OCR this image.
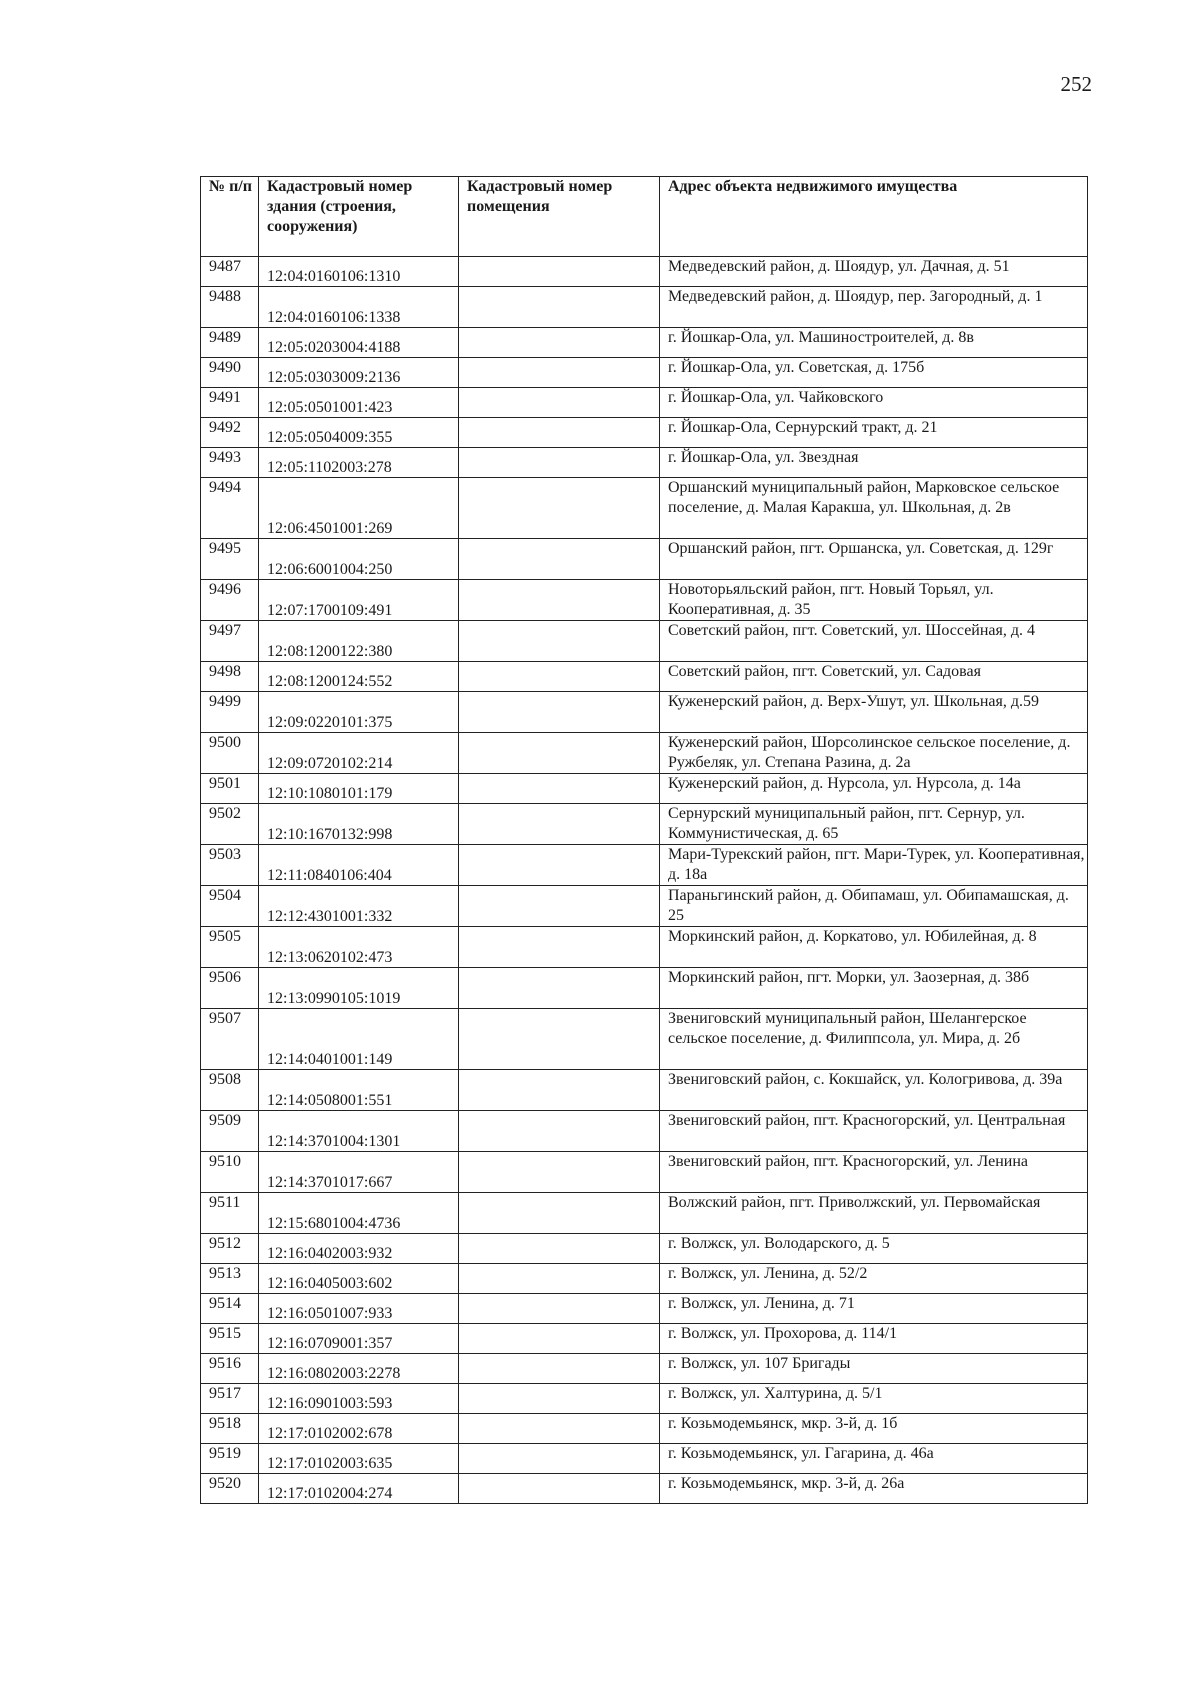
252
№ п/п	Кадастровый номер здания (строения, сооружения)	Кадастровый номер помещения	Адрес объекта недвижимого имущества
9487	12:04:0160106:1310		Медведевский район, д. Шоядур, ул. Дачная, д. 51
9488	12:04:0160106:1338		Медведевский район, д. Шоядур, пер. Загородный, д. 1
9489	12:05:0203004:4188		г. Йошкар-Ола, ул. Машиностроителей, д. 8в
9490	12:05:0303009:2136		г. Йошкар-Ола, ул. Советская, д. 175б
9491	12:05:0501001:423		г. Йошкар-Ола, ул. Чайковского
9492	12:05:0504009:355		г. Йошкар-Ола, Сернурский тракт, д. 21
9493	12:05:1102003:278		г. Йошкар-Ола, ул. Звездная
9494	12:06:4501001:269		Оршанский муниципальный район, Марковское сельское поселение, д. Малая Каракша, ул. Школьная, д. 2в
9495	12:06:6001004:250		Оршанский район, пгт. Оршанска, ул. Советская, д. 129г
9496	12:07:1700109:491		Новоторьяльский район, пгт. Новый Торьял, ул. Кооперативная, д. 35
9497	12:08:1200122:380		Советский район, пгт. Советский, ул. Шоссейная, д. 4
9498	12:08:1200124:552		Советский район, пгт. Советский, ул. Садовая
9499	12:09:0220101:375		Куженерский район, д. Верх-Ушут, ул. Школьная, д.59
9500	12:09:0720102:214		Куженерский район, Шорсолинское сельское поселение, д. Ружбеляк, ул. Степана Разина, д. 2а
9501	12:10:1080101:179		Куженерский район, д. Нурсола, ул. Нурсола, д. 14а
9502	12:10:1670132:998		Сернурский муниципальный район, пгт. Сернур, ул. Коммунистическая, д. 65
9503	12:11:0840106:404		Мари-Турекский район, пгт. Мари-Турек, ул. Кооперативная, д. 18а
9504	12:12:4301001:332		Параньгинский район, д. Обипамаш, ул. Обипамашская, д. 25
9505	12:13:0620102:473		Моркинский район, д. Коркатово, ул. Юбилейная, д. 8
9506	12:13:0990105:1019		Моркинский район, пгт. Морки, ул. Заозерная, д. 38б
9507	12:14:0401001:149		Звениговский муниципальный район, Шелангерское сельское поселение, д. Филиппсола, ул. Мира, д. 2б
9508	12:14:0508001:551		Звениговский район, с. Кокшайск, ул. Кологривова, д. 39а
9509	12:14:3701004:1301		Звениговский район, пгт. Красногорский, ул. Центральная
9510	12:14:3701017:667		Звениговский район, пгт. Красногорский, ул. Ленина
9511	12:15:6801004:4736		Волжский район, пгт. Приволжский, ул. Первомайская
9512	12:16:0402003:932		г. Волжск, ул. Володарского, д. 5
9513	12:16:0405003:602		г. Волжск, ул. Ленина, д. 52/2
9514	12:16:0501007:933		г. Волжск, ул. Ленина, д. 71
9515	12:16:0709001:357		г. Волжск, ул. Прохорова, д. 114/1
9516	12:16:0802003:2278		г. Волжск, ул. 107 Бригады
9517	12:16:0901003:593		г. Волжск, ул. Халтурина, д. 5/1
9518	12:17:0102002:678		г. Козьмодемьянск, мкр. 3-й, д. 1б
9519	12:17:0102003:635		г. Козьмодемьянск, ул. Гагарина, д. 46а
9520	12:17:0102004:274		г. Козьмодемьянск, мкр. 3-й, д. 26а
